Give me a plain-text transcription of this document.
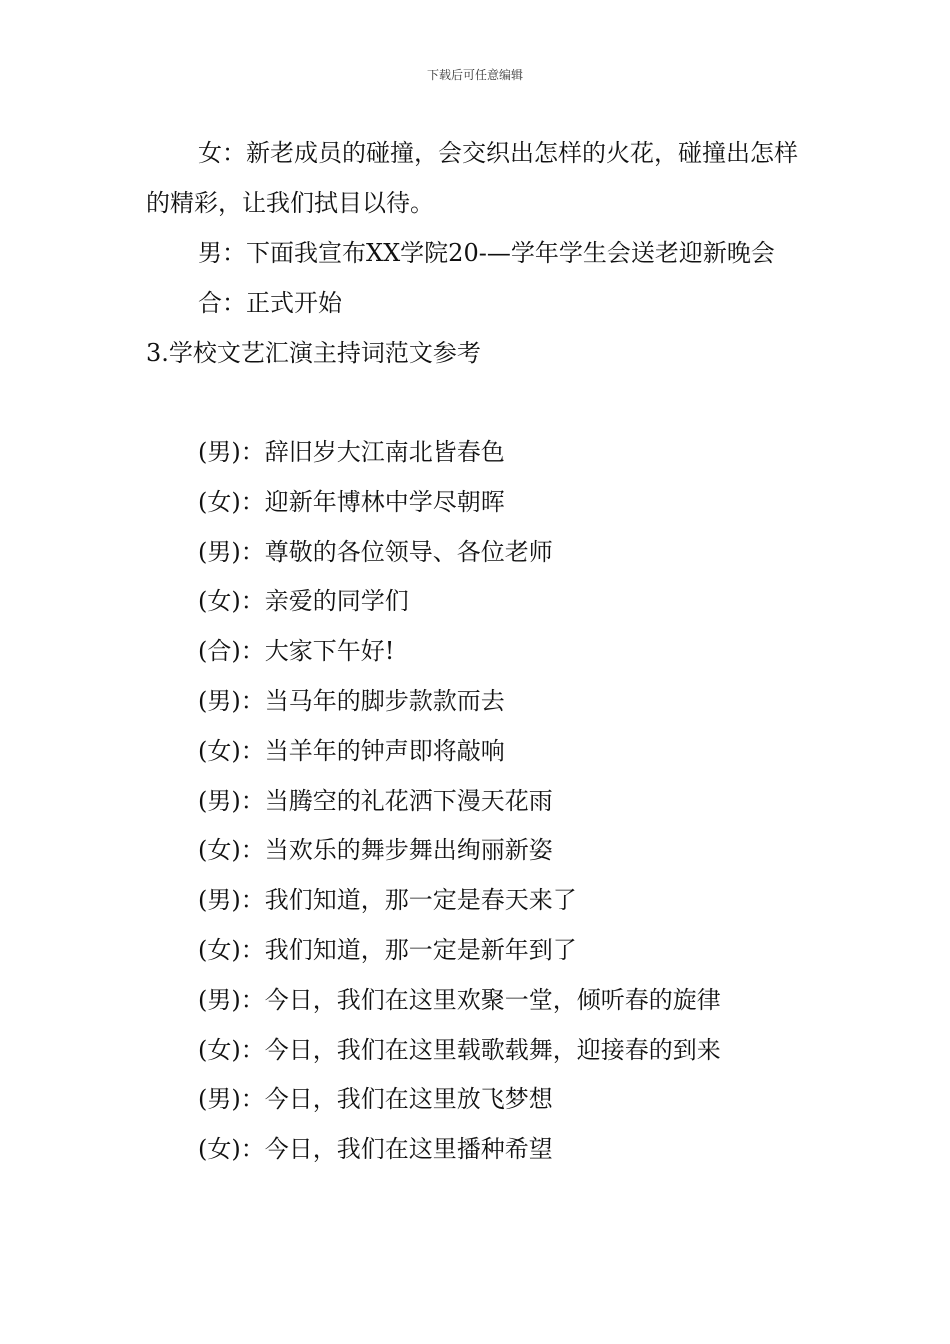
下载后可任意编辑

女：新老成员的碰撞，会交织出怎样的火花，碰撞出怎样的精彩，让我们拭目以待。

男：下面我宣布XX学院20-—学年学生会送老迎新晚会

合：正式开始

3.学校文艺汇演主持词范文参考

(男)：辞旧岁大江南北皆春色

(女)：迎新年博林中学尽朝晖

(男)：尊敬的各位领导、各位老师

(女)：亲爱的同学们

(合)：大家下午好!

(男)：当马年的脚步款款而去

(女)：当羊年的钟声即将敲响

(男)：当腾空的礼花洒下漫天花雨

(女)：当欢乐的舞步舞出绚丽新姿

(男)：我们知道，那一定是春天来了

(女)：我们知道，那一定是新年到了

(男)：今日，我们在这里欢聚一堂，倾听春的旋律

(女)：今日，我们在这里载歌载舞，迎接春的到来

(男)：今日，我们在这里放飞梦想

(女)：今日，我们在这里播种希望
